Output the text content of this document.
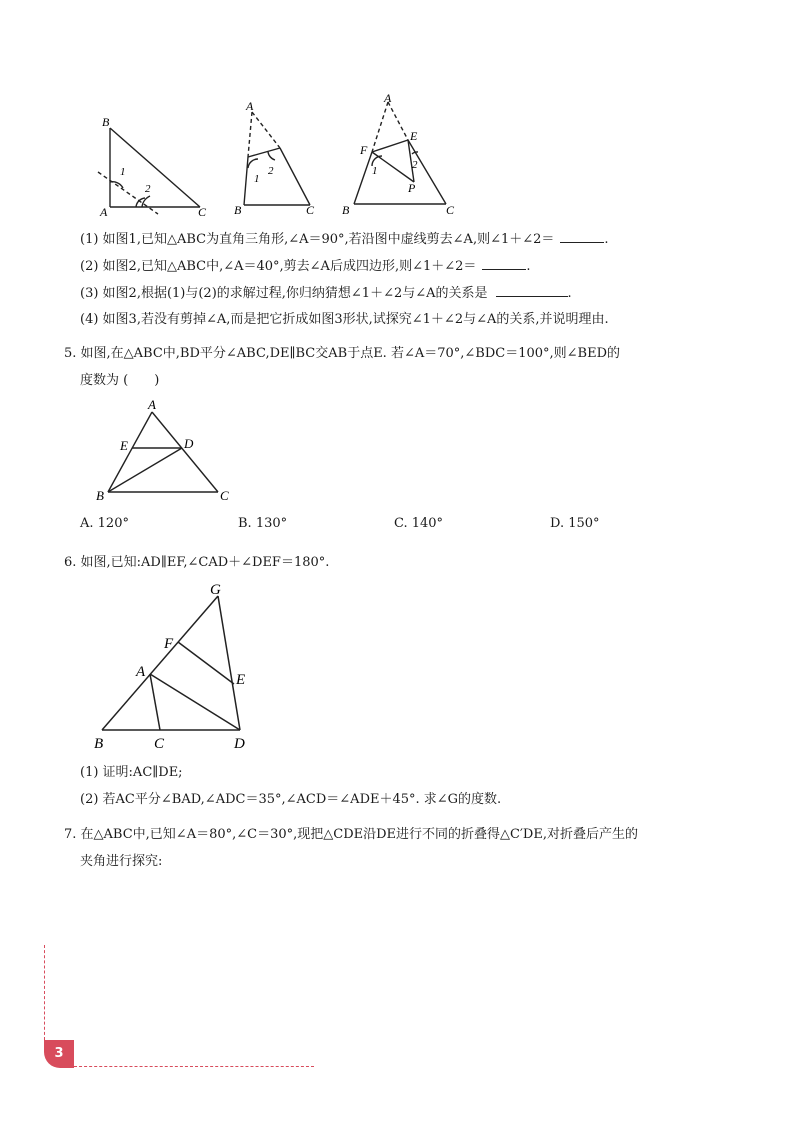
B
A	C
1
2
A
B	C
1
2
A
E
F
1	2
P
B	C
(1) 如图1,已知△ABC为直角三角形,∠A＝90°,若沿图中虚线剪去∠A,则∠1＋∠2＝	.
(2) 如图2,已知△ABC中,∠A＝40°,剪去∠A后成四边形,则∠1＋∠2＝	.
(3) 如图2,根据(1)与(2)的求解过程,你归纳猜想∠1＋∠2与∠A的关系是	.
(4) 如图3,若没有剪掉∠A,而是把它折成如图3形状,试探究∠1＋∠2与∠A的关系,并说明理由.
5. 如图,在△ABC中,BD平分∠ABC,DE∥BC交AB于点E. 若∠A＝70°,∠BDC＝100°,则∠BED的
度数为 (　　)
A
E	D
B	C
A. 120°	B. 130°	C. 140°	D. 150°
6. 如图,已知:AD∥EF,∠CAD＋∠DEF＝180°.
G
F
A	E
B	C	D
(1) 证明:AC∥DE;
(2) 若AC平分∠BAD,∠ADC＝35°,∠ACD＝∠ADE＋45°. 求∠G的度数.
7. 在△ABC中,已知∠A＝80°,∠C＝30°,现把△CDE沿DE进行不同的折叠得△C′DE,对折叠后产生的
夹角进行探究:
3
